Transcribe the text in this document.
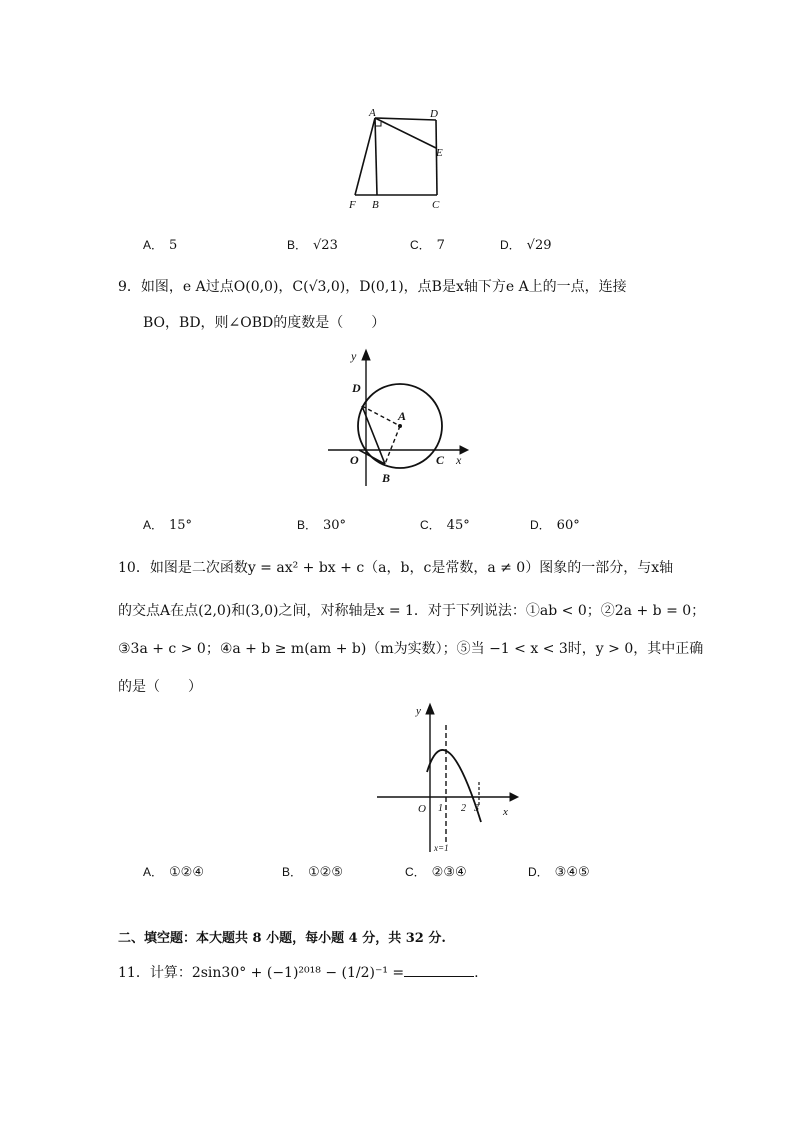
A	D
E
F B	C
A． 5	B． √23	C． 7	D． √29
9．如图，e A过点O(0,0)，C(√3,0)，D(0,1)，点B是x轴下方e A上的一点，连接
BO，BD，则∠OBD的度数是（　　）
y
x
D
A
O	C
B
A． 15°	B． 30°	C． 45°	D． 60°
10．如图是二次函数y = ax² + bx + c（a，b，c是常数，a ≠ 0）图象的一部分，与x轴
的交点A在点(2,0)和(3,0)之间，对称轴是x = 1．对于下列说法：①ab < 0；②2a + b = 0；
③3a + c > 0；④a + b ≥ m(am + b)（m为实数）；⑤当 −1 < x < 3时，y > 0，其中正确
的是（　　）
y
x
O 1 2 3
x=1
A． ①②④	B． ①②⑤	C． ②③④	D． ③④⑤
二、填空题：本大题共 8 小题，每小题 4 分，共 32 分.
11．计算：2sin30° + (−1)²⁰¹⁸ − (1/2)⁻¹ =	.
